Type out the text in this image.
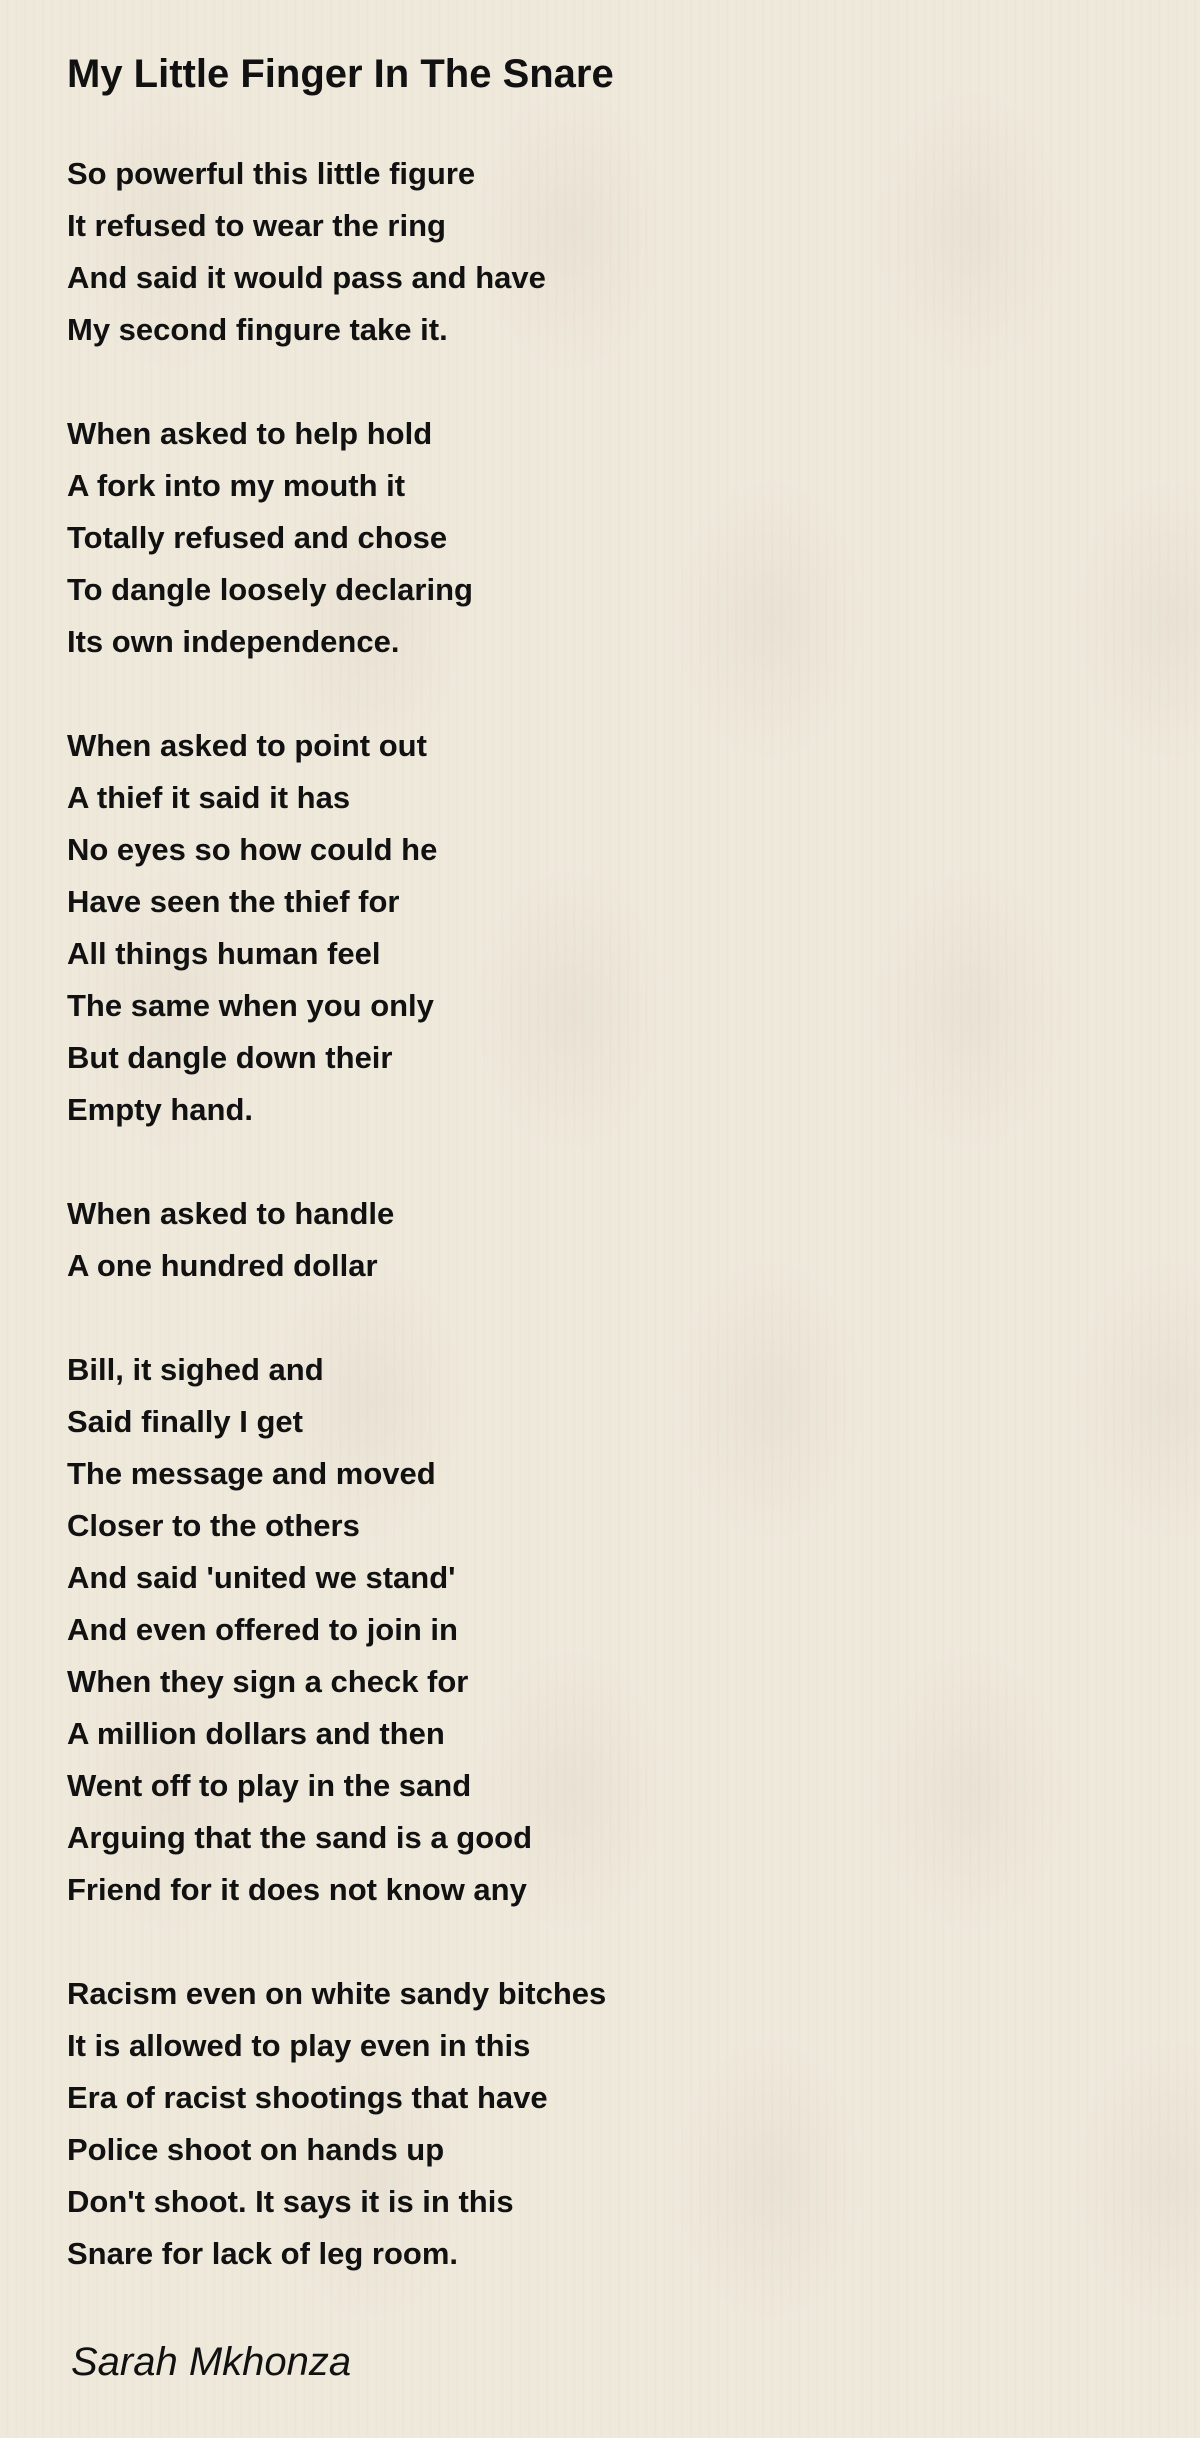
My Little Finger In The Snare
So powerful this little figure
It refused to wear the ring
And said it would pass and have
My second fingure take it.
When asked to help hold
A fork into my mouth it
Totally refused and chose
To dangle loosely declaring
Its own independence.
When asked to point out
A thief it said it has
No eyes so how could he
Have seen the thief for
All things human feel
The same when you only
But dangle down their
Empty hand.
When asked to handle
A one hundred dollar
Bill, it sighed and
Said finally I get
The message and moved
Closer to the others
And said 'united we stand'
And even offered to join in
When they sign a check for
A million dollars and then
Went off to play in the sand
Arguing that the sand is a good
Friend for it does not know any
Racism even on white sandy bitches
It is allowed to play even in this
Era of racist shootings that have
Police shoot on hands up
Don't shoot. It says it is in this
Snare for lack of leg room.

Sarah Mkhonza
